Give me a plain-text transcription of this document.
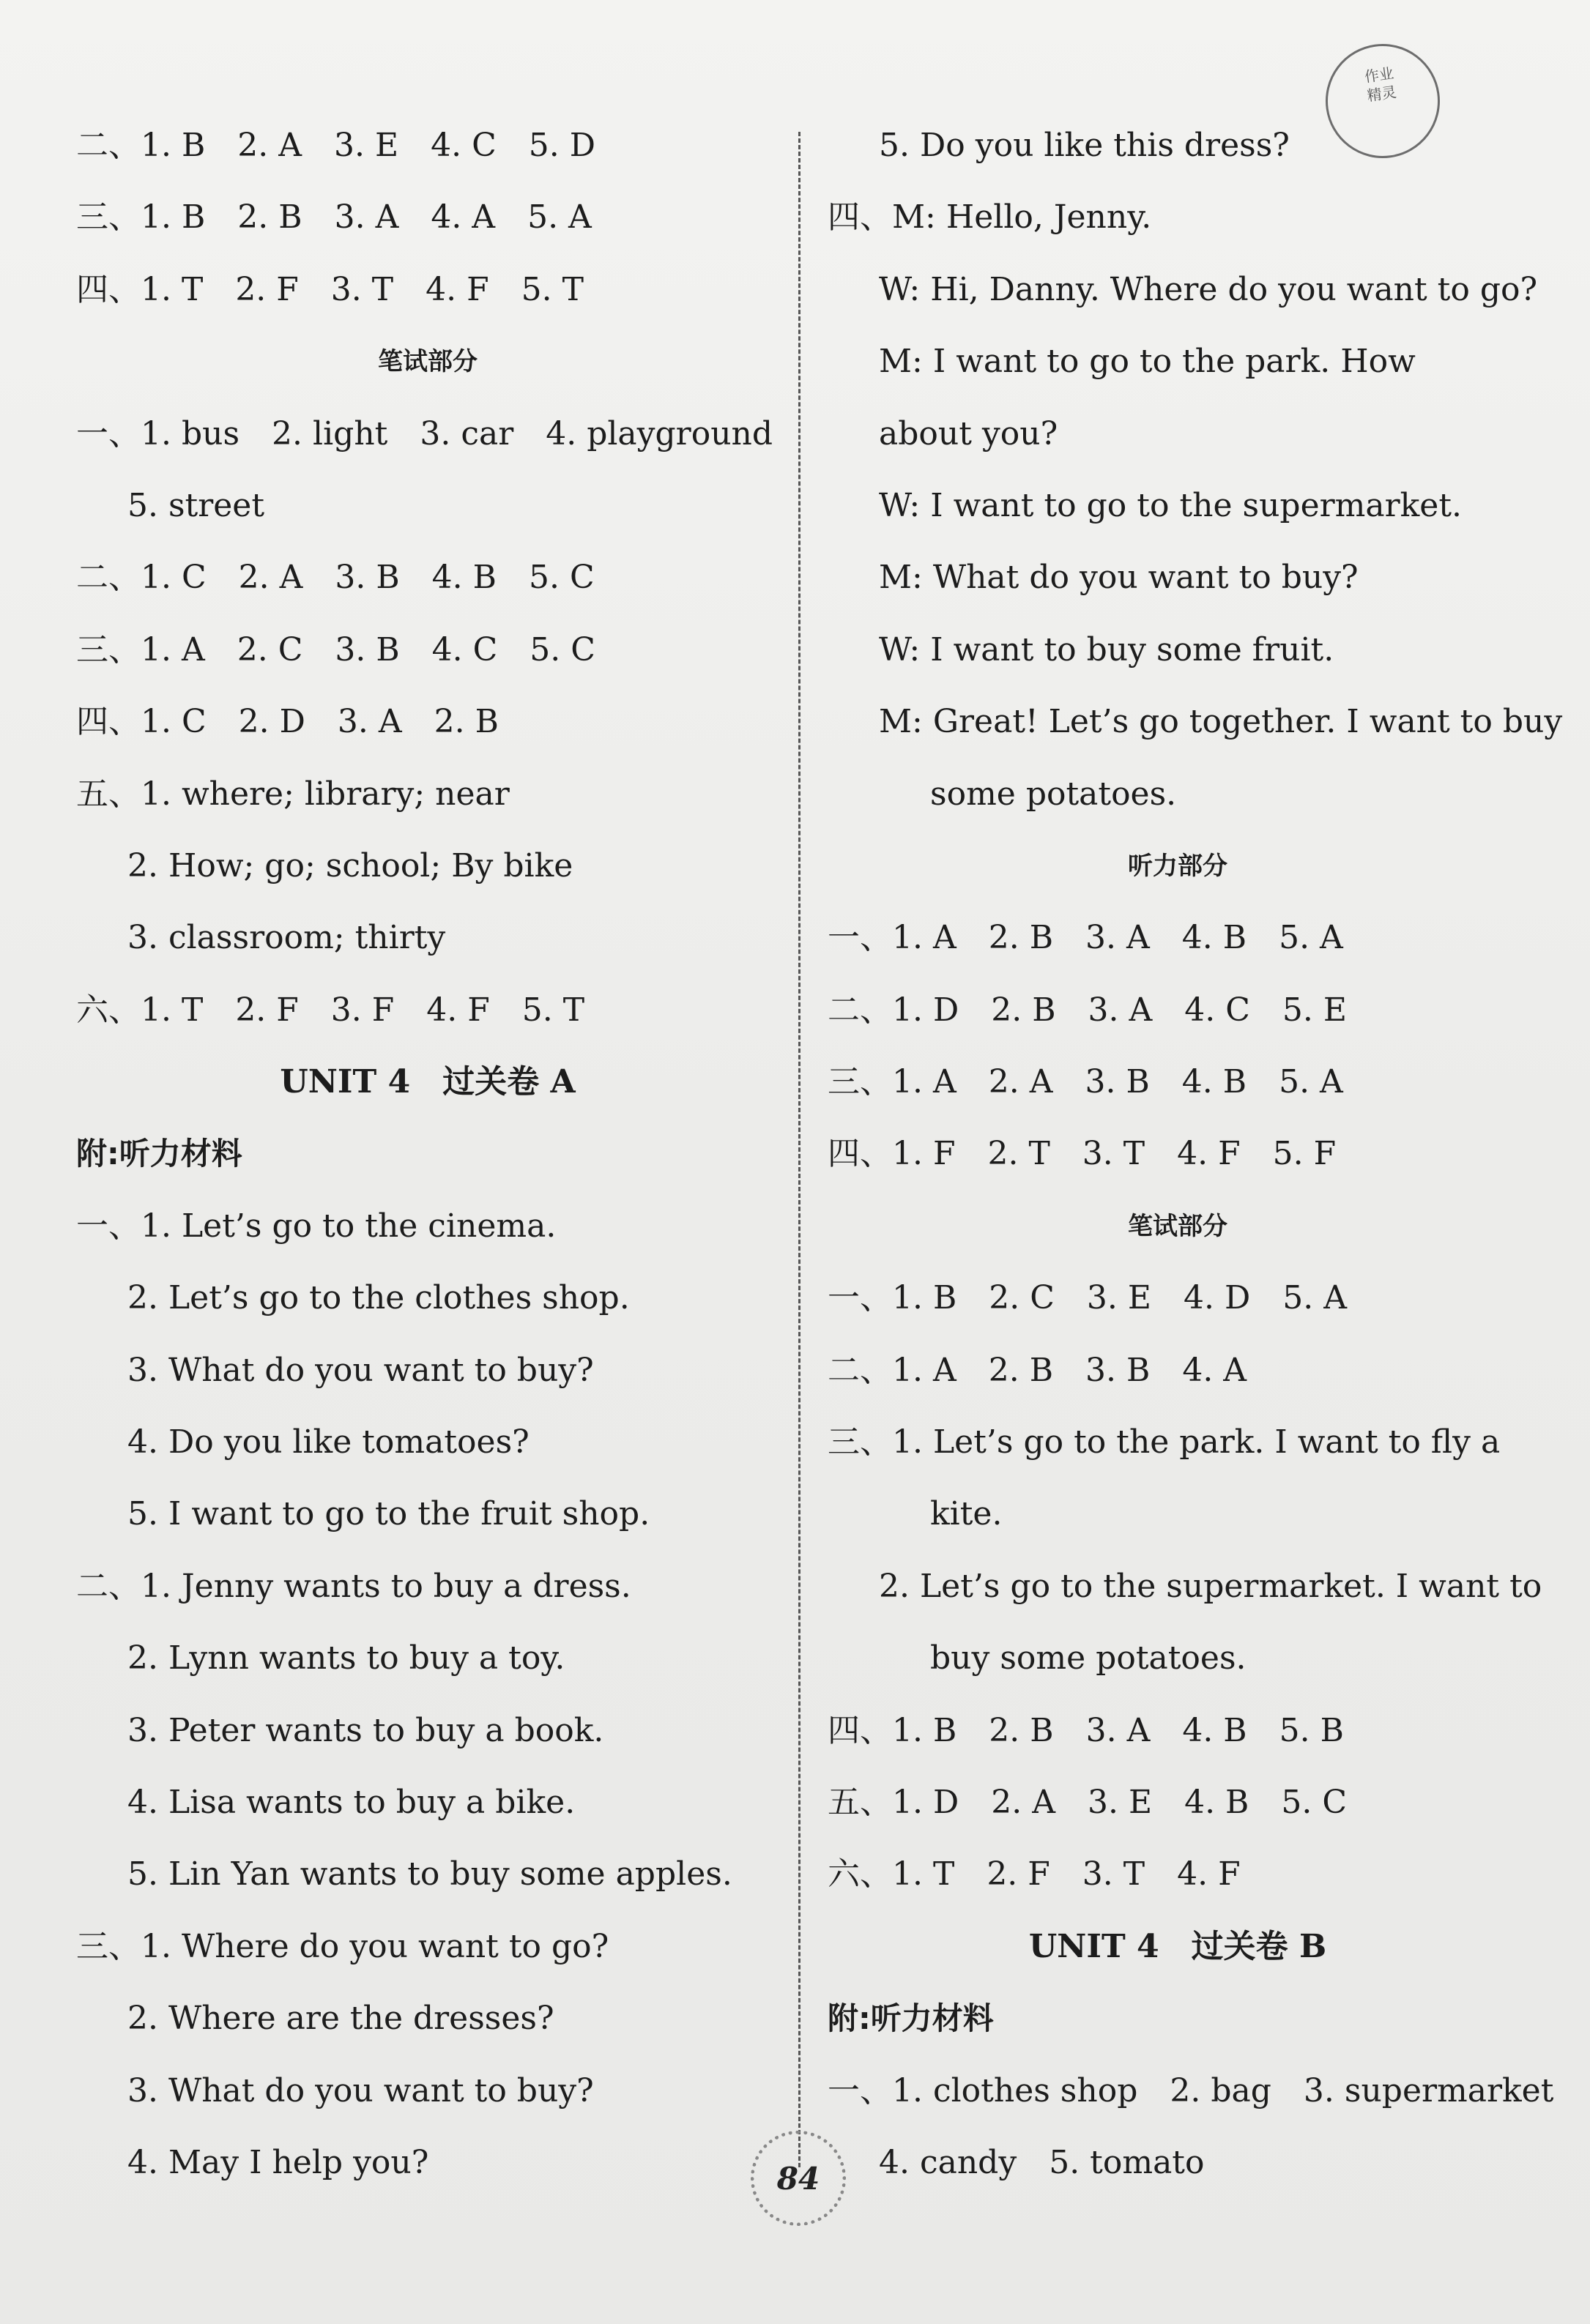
作业
精灵
二、1. B　2. A　3. E　4. C　5. D
三、1. B　2. B　3. A　4. A　5. A
四、1. T　2. F　3. T　4. F　5. T
笔试部分
一、1. bus　2. light　3. car　4. playground
5. street
二、1. C　2. A　3. B　4. B　5. C
三、1. A　2. C　3. B　4. C　5. C
四、1. C　2. D　3. A　2. B
五、1. where; library; near
2. How; go; school; By bike
3. classroom; thirty
六、1. T　2. F　3. F　4. F　5. T
UNIT 4　过关卷 A
附:听力材料
一、1. Let’s go to the cinema.
2. Let’s go to the clothes shop.
3. What do you want to buy?
4. Do you like tomatoes?
5. I want to go to the fruit shop.
二、1. Jenny wants to buy a dress.
2. Lynn wants to buy a toy.
3. Peter wants to buy a book.
4. Lisa wants to buy a bike.
5. Lin Yan wants to buy some apples.
三、1. Where do you want to go?
2. Where are the dresses?
3. What do you want to buy?
4. May I help you?
5. Do you like this dress?
四、M: Hello, Jenny.
W: Hi, Danny. Where do you want to go?
M: I want to go to the park. How
about you?
W: I want to go to the supermarket.
M: What do you want to buy?
W: I want to buy some fruit.
M: Great! Let’s go together. I want to buy
some potatoes.
听力部分
一、1. A　2. B　3. A　4. B　5. A
二、1. D　2. B　3. A　4. C　5. E
三、1. A　2. A　3. B　4. B　5. A
四、1. F　2. T　3. T　4. F　5. F
笔试部分
一、1. B　2. C　3. E　4. D　5. A
二、1. A　2. B　3. B　4. A
三、1. Let’s go to the park. I want to fly a
kite.
2. Let’s go to the supermarket. I want to
buy some potatoes.
四、1. B　2. B　3. A　4. B　5. B
五、1. D　2. A　3. E　4. B　5. C
六、1. T　2. F　3. T　4. F
UNIT 4　过关卷 B
附:听力材料
一、1. clothes shop　2. bag　3. supermarket
4. candy　5. tomato
84
